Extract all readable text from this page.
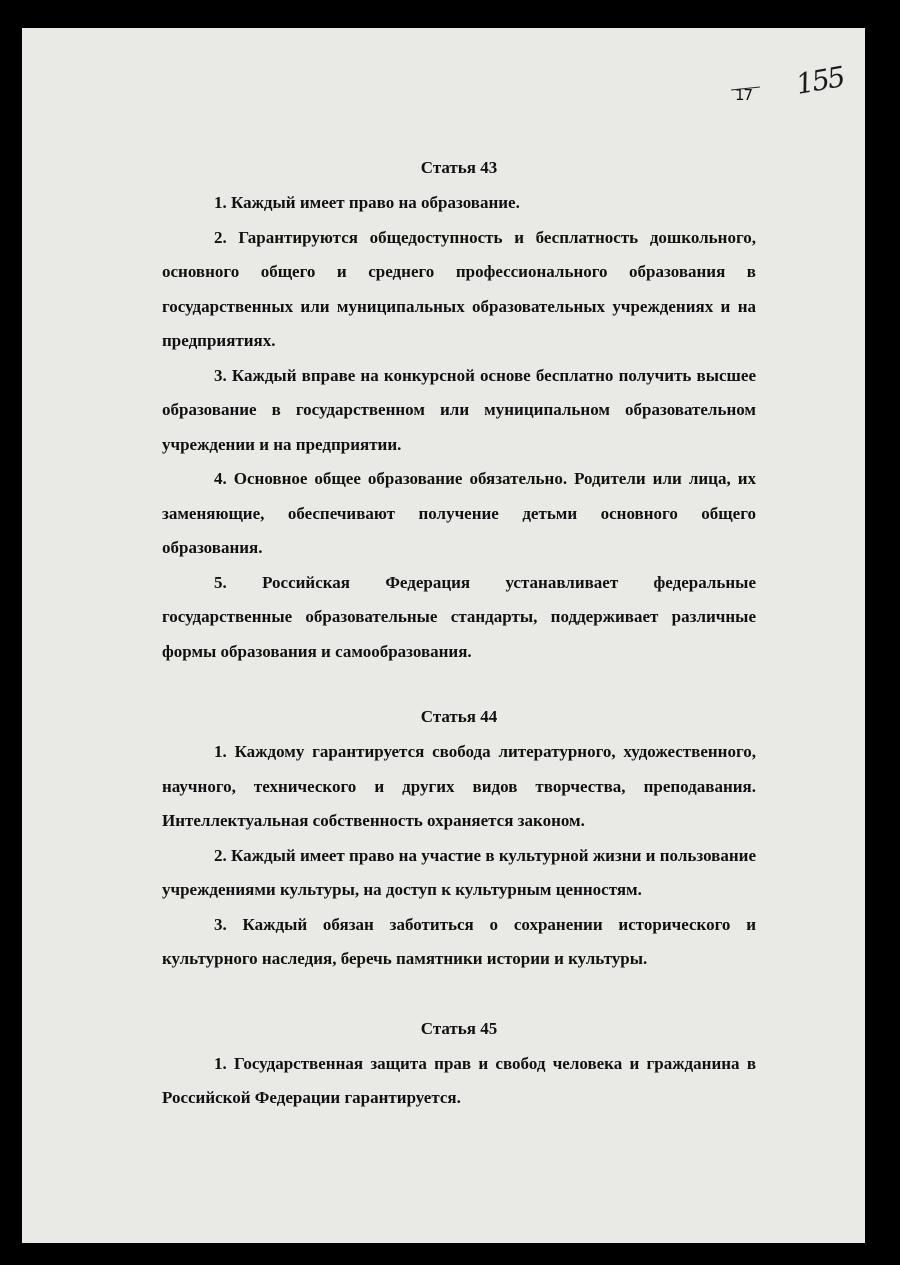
17 155
Статья 43

1. Каждый имеет право на образование.

2. Гарантируются общедоступность и бесплатность дошкольного, основного общего и среднего профессионального образования в государственных или муниципальных образовательных учреждениях и на предприятиях.

3. Каждый вправе на конкурсной основе бесплатно получить высшее образование в государственном или муниципальном образовательном учреждении и на предприятии.

4. Основное общее образование обязательно. Родители или лица, их заменяющие, обеспечивают получение детьми основного общего образования.

5. Российская Федерация устанавливает федеральные государственные образовательные стандарты, поддерживает различные формы образования и самообразования.

Статья 44

1. Каждому гарантируется свобода литературного, художественного, научного, технического и других видов творчества, преподавания. Интеллектуальная собственность охраняется законом.

2. Каждый имеет право на участие в культурной жизни и пользование учреждениями культуры, на доступ к культурным ценностям.

3. Каждый обязан заботиться о сохранении исторического и культурного наследия, беречь памятники истории и культуры.

Статья 45

1. Государственная защита прав и свобод человека и гражданина в Российской Федерации гарантируется.
